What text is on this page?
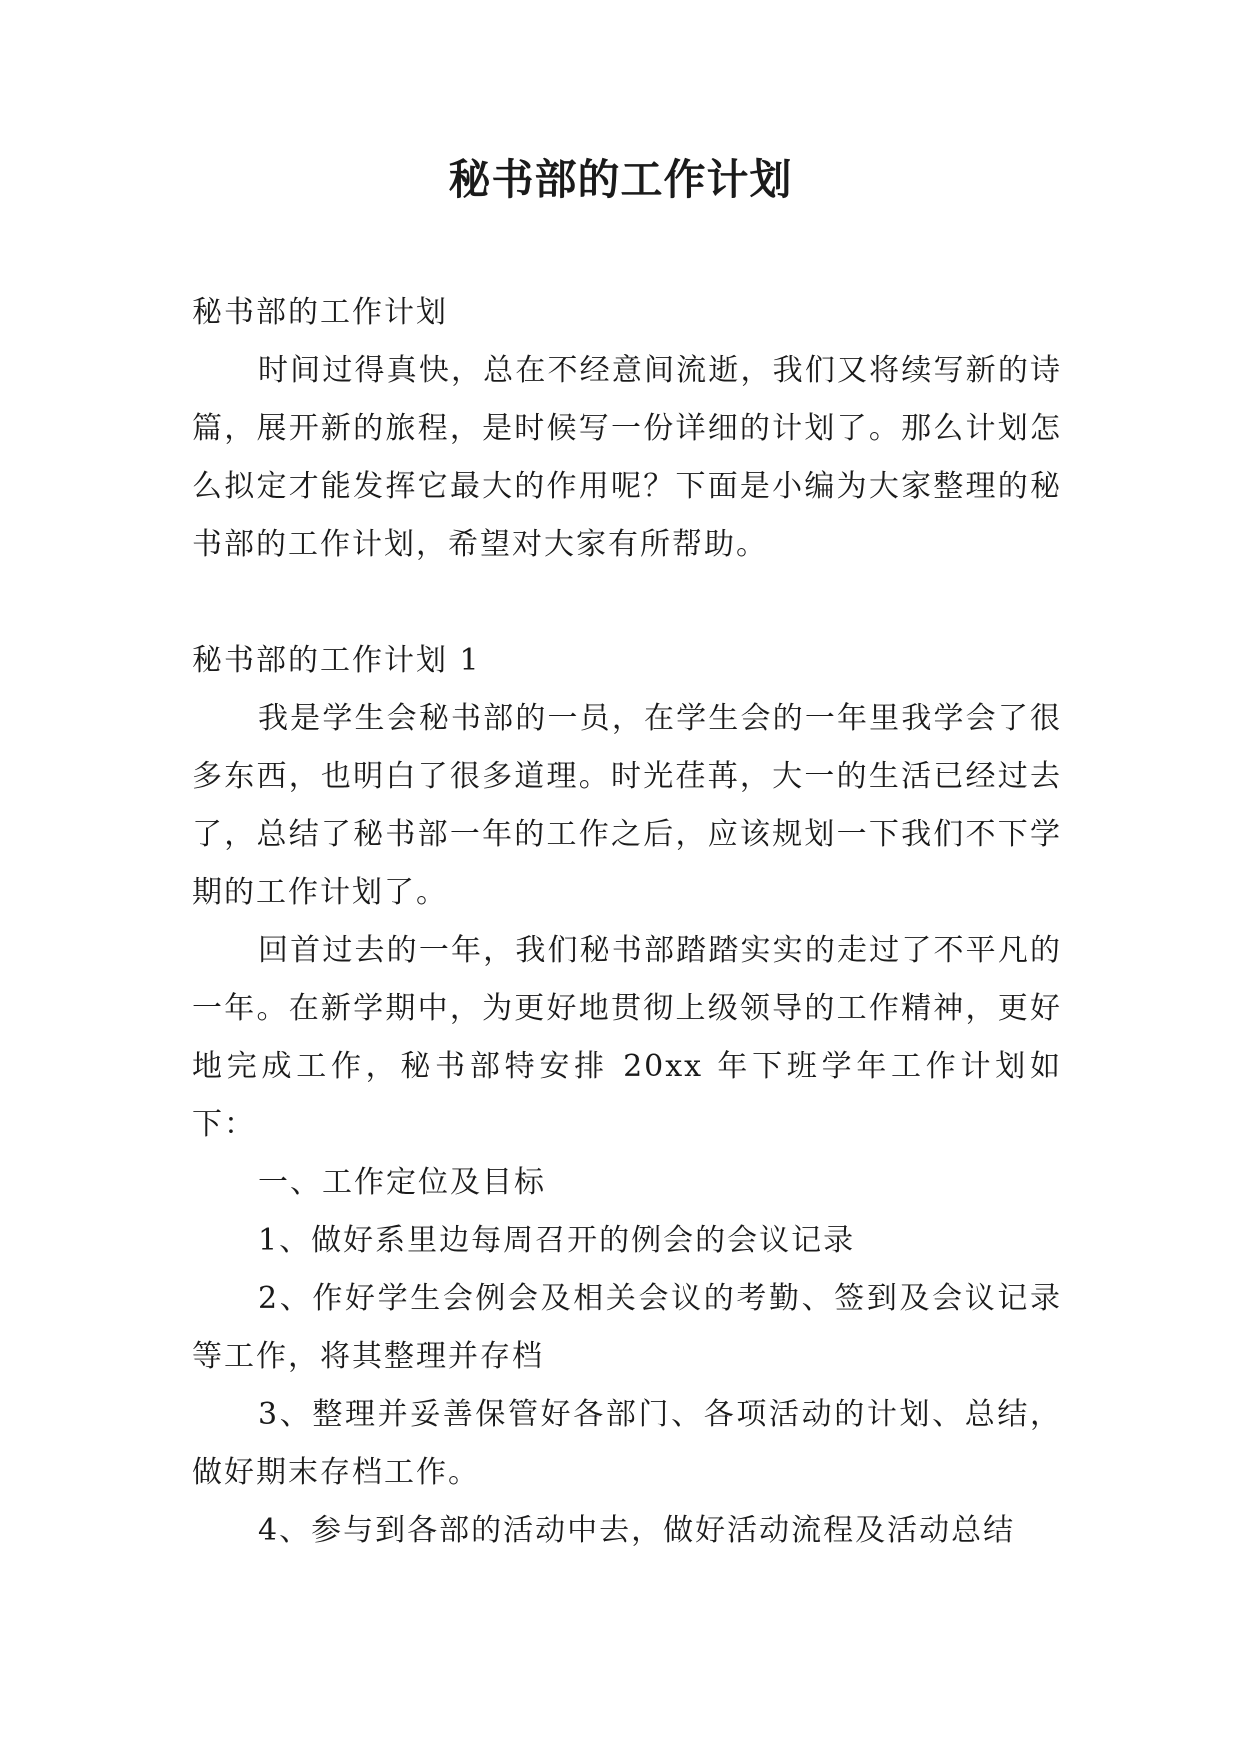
秘书部的工作计划

秘书部的工作计划

时间过得真快，总在不经意间流逝，我们又将续写新的诗篇，展开新的旅程，是时候写一份详细的计划了。那么计划怎么拟定才能发挥它最大的作用呢？下面是小编为大家整理的秘书部的工作计划，希望对大家有所帮助。

秘书部的工作计划 1

我是学生会秘书部的一员，在学生会的一年里我学会了很多东西，也明白了很多道理。时光荏苒，大一的生活已经过去了，总结了秘书部一年的工作之后，应该规划一下我们不下学期的工作计划了。

回首过去的一年，我们秘书部踏踏实实的走过了不平凡的一年。在新学期中，为更好地贯彻上级领导的工作精神，更好地完成工作，秘书部特安排 20xx 年下班学年工作计划如下：

一、工作定位及目标

1、做好系里边每周召开的例会的会议记录

2、作好学生会例会及相关会议的考勤、签到及会议记录等工作，将其整理并存档

3、整理并妥善保管好各部门、各项活动的计划、总结，做好期末存档工作。

4、参与到各部的活动中去，做好活动流程及活动总结
